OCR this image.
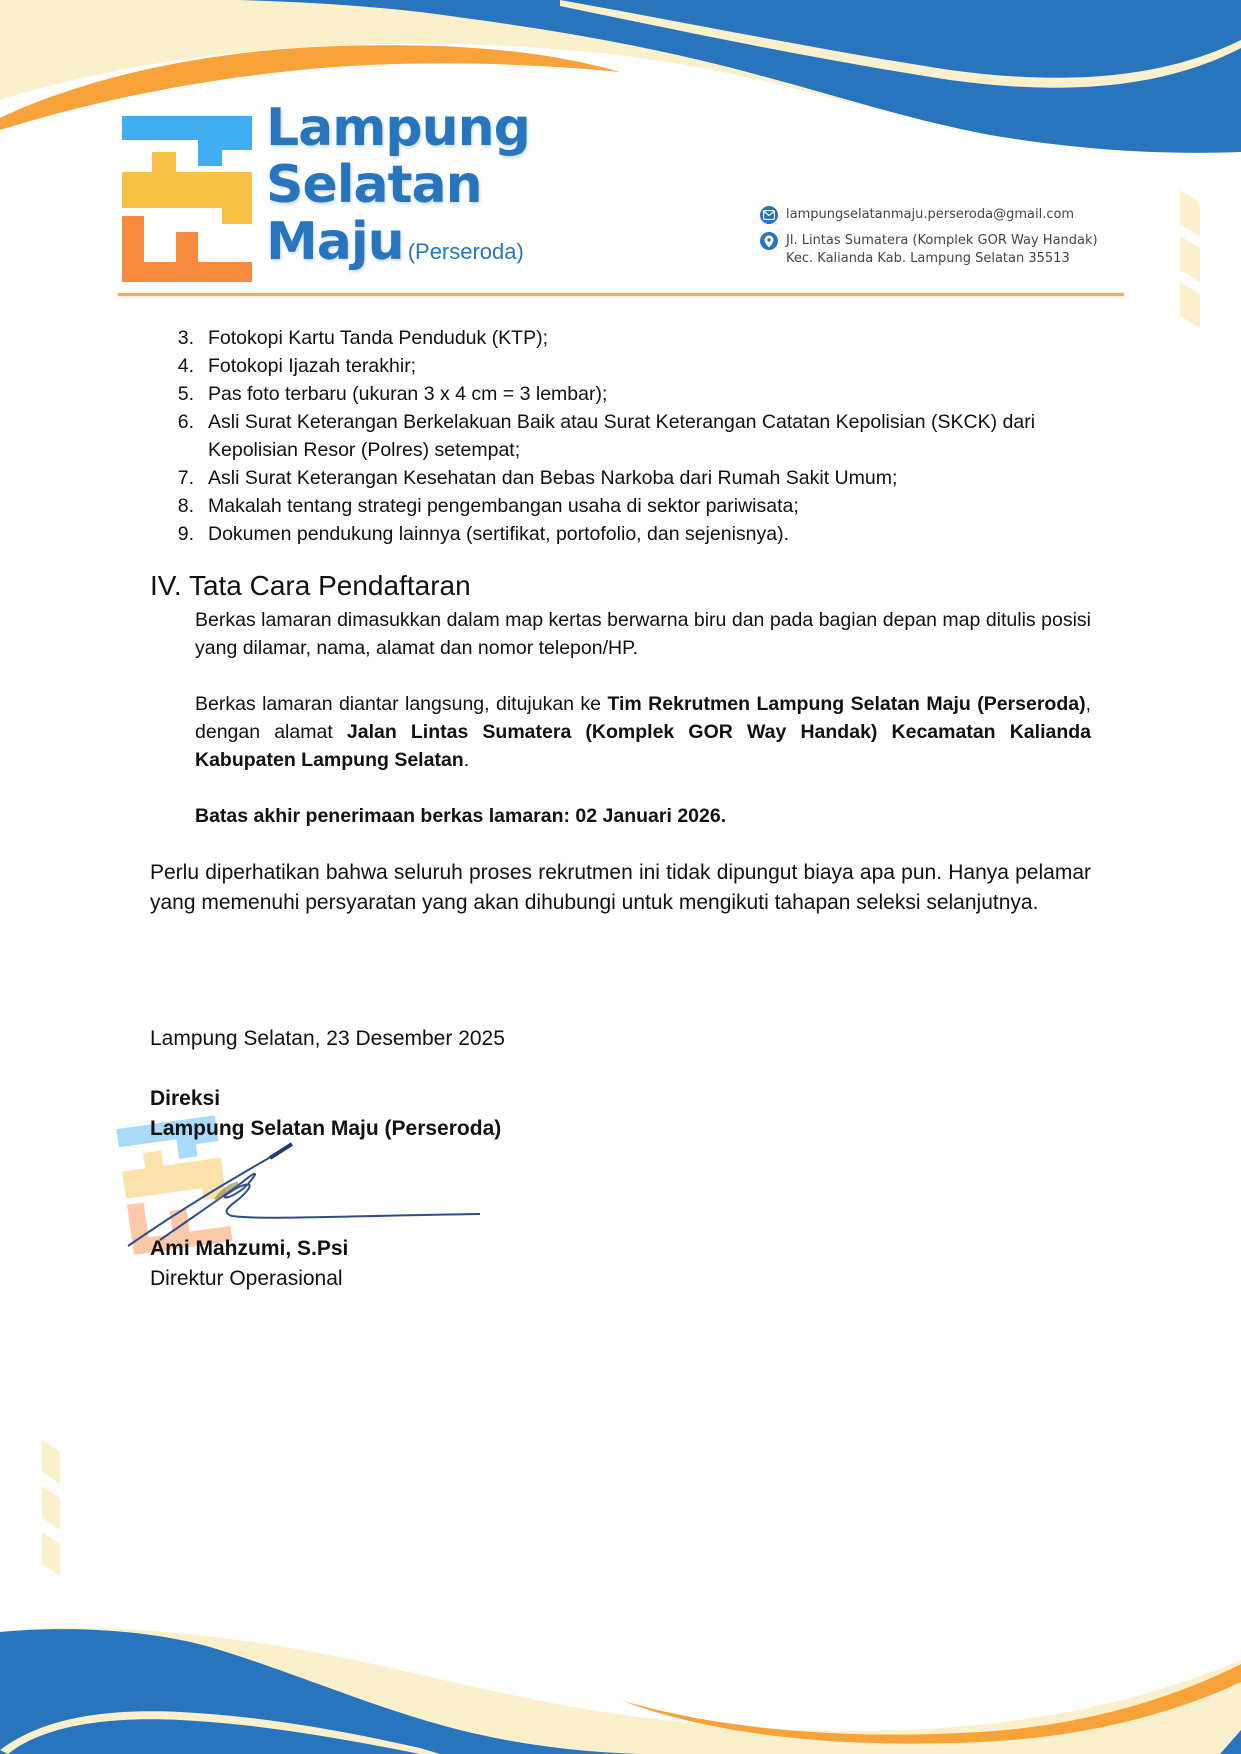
Lampung
Selatan
Maju (Perseroda)
lampungselatanmaju.perseroda@gmail.com
Jl. Lintas Sumatera (Komplek GOR Way Handak)
Kec. Kalianda Kab. Lampung Selatan 35513
3. Fotokopi Kartu Tanda Penduduk (KTP);
4. Fotokopi Ijazah terakhir;
5. Pas foto terbaru (ukuran 3 x 4 cm = 3 lembar);
6. Asli Surat Keterangan Berkelakuan Baik atau Surat Keterangan Catatan Kepolisian (SKCK) dari Kepolisian Resor (Polres) setempat;
7. Asli Surat Keterangan Kesehatan dan Bebas Narkoba dari Rumah Sakit Umum;
8. Makalah tentang strategi pengembangan usaha di sektor pariwisata;
9. Dokumen pendukung lainnya (sertifikat, portofolio, dan sejenisnya).
IV. Tata Cara Pendaftaran

Berkas lamaran dimasukkan dalam map kertas berwarna biru dan pada bagian depan map ditulis posisi yang dilamar, nama, alamat dan nomor telepon/HP.

Berkas lamaran diantar langsung, ditujukan ke Tim Rekrutmen Lampung Selatan Maju (Perseroda), dengan alamat Jalan Lintas Sumatera (Komplek GOR Way Handak) Kecamatan Kalianda Kabupaten Lampung Selatan.

Batas akhir penerimaan berkas lamaran: 02 Januari 2026.

Perlu diperhatikan bahwa seluruh proses rekrutmen ini tidak dipungut biaya apa pun. Hanya pelamar yang memenuhi persyaratan yang akan dihubungi untuk mengikuti tahapan seleksi selanjutnya.

Lampung Selatan, 23 Desember 2025

Direksi

Lampung Selatan Maju (Perseroda)

Ami Mahzumi, S.Psi

Direktur Operasional
